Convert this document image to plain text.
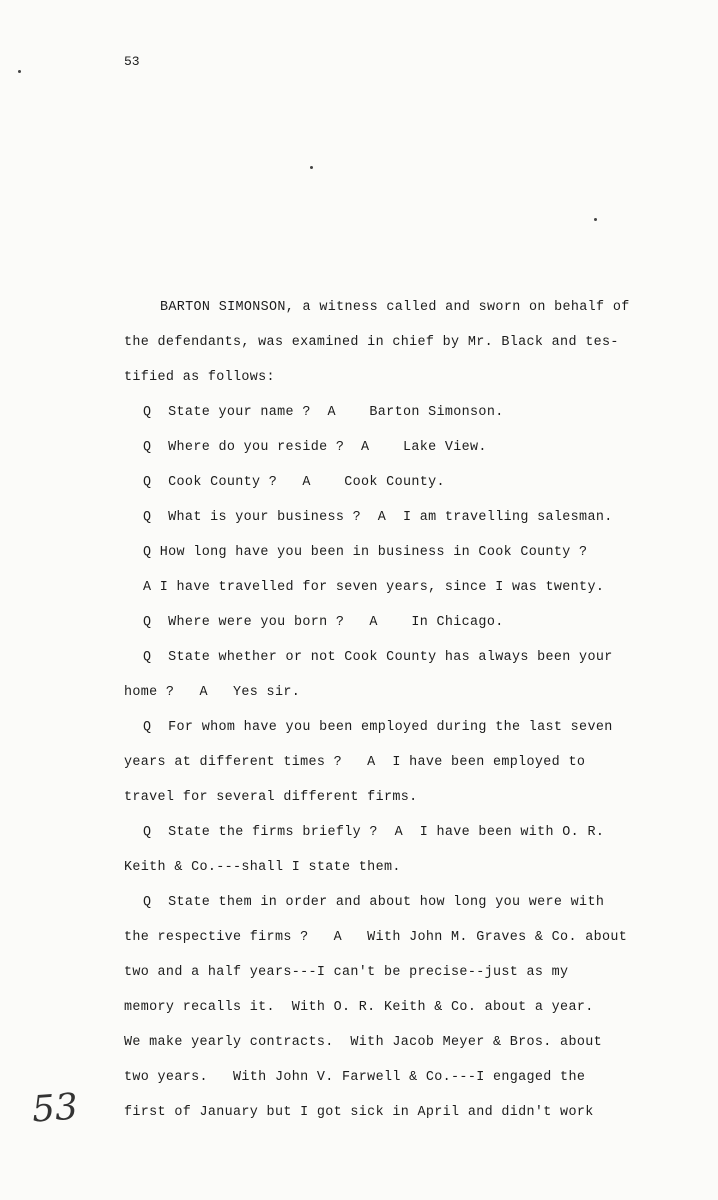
53
BARTON SIMONSON, a witness called and sworn on behalf of
the defendants, was examined in chief by Mr. Black and tes-
tified as follows:
Q  State your name ?  A    Barton Simonson.
Q  Where do you reside ?  A    Lake View.
Q  Cook County ?   A    Cook County.
Q  What is your business ?  A  I am travelling salesman.
Q How long have you been in business in Cook County ?
A I have travelled for seven years, since I was twenty.
Q  Where were you born ?   A    In Chicago.
Q  State whether or not Cook County has always been your
home ?   A   Yes sir.
Q  For whom have you been employed during the last seven
years at different times ?   A  I have been employed to
travel for several different firms.
Q  State the firms briefly ?  A  I have been with O. R.
Keith & Co.---shall I state them.
Q  State them in order and about how long you were with
the respective firms ?   A   With John M. Graves & Co. about
two and a half years---I can't be precise--just as my
memory recalls it.  With O. R. Keith & Co. about a year.
We make yearly contracts.  With Jacob Meyer & Bros. about
two years.   With John V. Farwell & Co.---I engaged the
first of January but I got sick in April and didn't work
53
